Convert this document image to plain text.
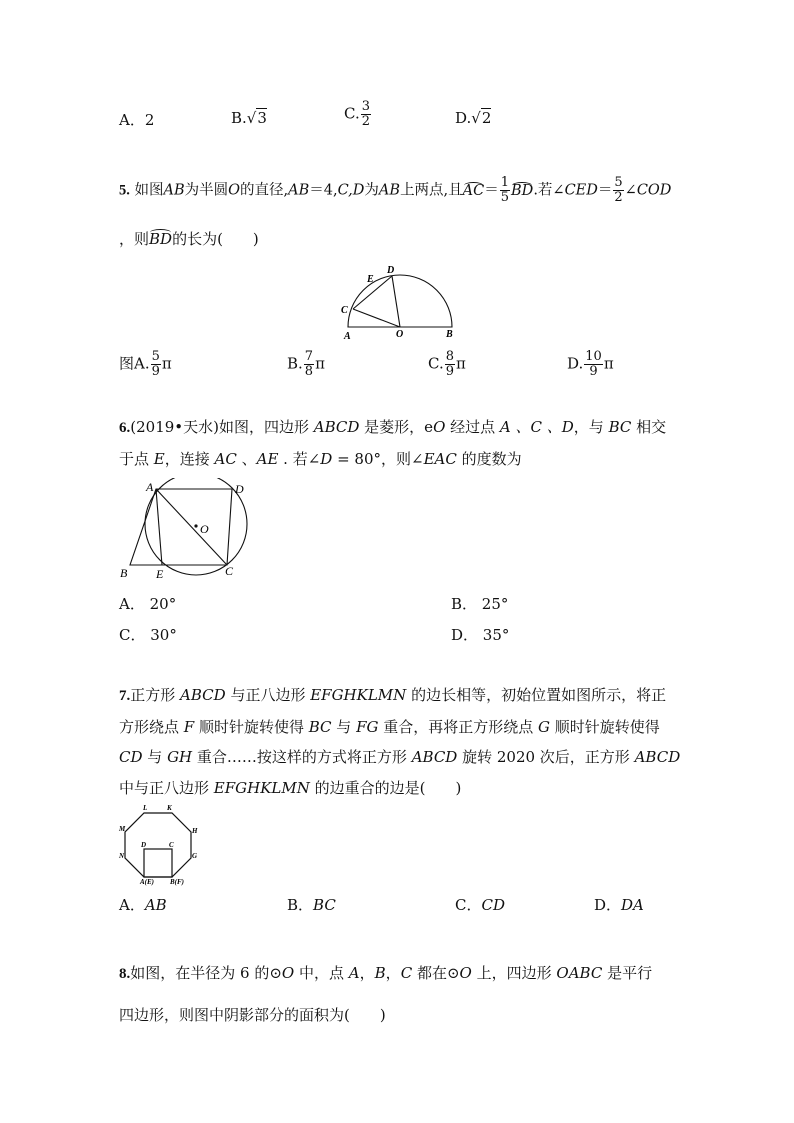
A．2	B.√3	C. $\frac{3}{2}$	D.√2
5. 如图AB为半圆O的直径,AB＝4,C,D为AB上两点,且$AC= \frac{1}{5}$ BD.若∠CED＝ $\frac{5}{2}$ ∠COD
，则BD的长为(　　)
A	O	B
C
E
D
图A. $\frac{5}{9}$ π	B. $\frac{7}{8}$ π	C. $\frac{8}{9}$ π	D. $\frac{10}{9}$ π
6.(2019•天水)如图，四边形 ABCD 是菱形，eO 经过点 A 、C 、D，与 BC 相交
于点 E，连接 AC 、AE . 若∠D = 80°，则∠EAC 的度数为
A	D
O
B E	C
A． 20°	B． 25°
C． 30°	D． 35°
7.正方形 ABCD 与正八边形 EFGHKLMN 的边长相等，初始位置如图所示，将正
方形绕点 F 顺时针旋转使得 BC 与 FG 重合，再将正方形绕点 G 顺时针旋转使得
CD 与 GH 重合……按这样的方式将正方形 ABCD 旋转 2020 次后，正方形 ABCD
中与正八边形 EFGHKLMN 的边重合的边是(　　)
L	K
M	H
N	G
D	C
A(E) B(F)
A．AB	B．BC	C．CD	D．DA
8.如图，在半径为 6 的⊙O 中，点 A，B，C 都在⊙O 上，四边形 OABC 是平行
四边形，则图中阴影部分的面积为(　　)
